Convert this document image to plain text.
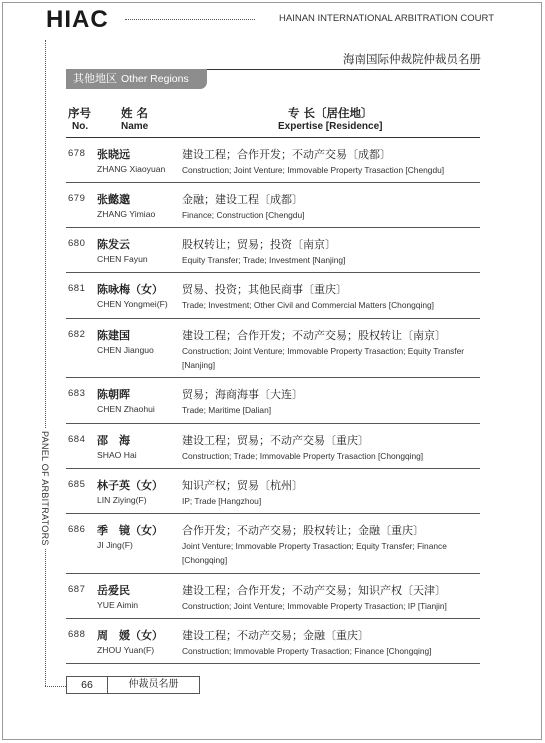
HIAC	HAINAN INTERNATIONAL ARBITRATION COURT
海南国际仲裁院仲裁员名册
其他地区 Other Regions
PANEL OF ARBITRATORS
序号
No.
姓名
Name
专 长〔居住地〕
Expertise [Residence]
678 张晓远
ZHANG Xiaoyuan
建设工程；合作开发；不动产交易〔成都〕
Construction; Joint Venture; Immovable Property Trasaction [Chengdu]
679 张懿邈
ZHANG Yimiao
金融；建设工程〔成都〕
Finance; Construction [Chengdu]
680 陈发云
CHEN Fayun
股权转让；贸易；投资〔南京〕
Equity Transfer; Trade; Investment [Nanjing]
681 陈咏梅（女）
CHEN Yongmei(F)
贸易、投资；其他民商事〔重庆〕
Trade; Investment; Other Civil and Commercial Matters [Chongqing]
682 陈建国
CHEN Jianguo
建设工程；合作开发；不动产交易；股权转让〔南京〕
Construction; Joint Venture; Immovable Property Trasaction; Equity Transfer [Nanjing]
683 陈朝晖
CHEN Zhaohui
贸易；海商海事〔大连〕
Trade; Maritime [Dalian]
684 邵　海
SHAO Hai
建设工程；贸易；不动产交易〔重庆〕
Construction; Trade; Immovable Property Trasaction [Chongqing]
685 林子英（女）
LIN Ziying(F)
知识产权；贸易〔杭州〕
IP; Trade [Hangzhou]
686 季　镜（女）
JI Jing(F)
合作开发；不动产交易；股权转让；金融〔重庆〕
Joint Venture; Immovable Property Trasaction; Equity Transfer; Finance [Chongqing]
687 岳爱民
YUE Aimin
建设工程；合作开发；不动产交易；知识产权〔天津〕
Construction; Joint Venture; Immovable Property Trasaction; IP [Tianjin]
688 周　媛（女）
ZHOU Yuan(F)
建设工程；不动产交易；金融〔重庆〕
Construction; Immovable Property Trasaction; Finance [Chongqing]
66	仲裁员名册
